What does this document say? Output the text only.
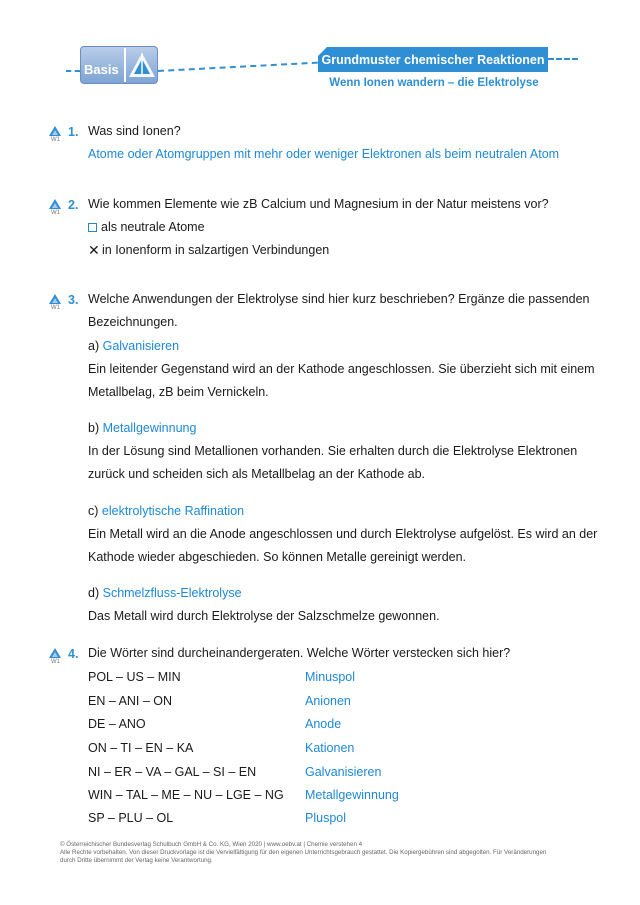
Basis
Grundmuster chemischer Reaktionen
Wenn Ionen wandern – die Elektrolyse
W1
1. Was sind Ionen?

Atome oder Atomgruppen mit mehr oder weniger Elektronen als beim neutralen Atom

W1
2. Wie kommen Elemente wie zB Calcium und Magnesium in der Natur meistens vor?

als neutrale Atome

✕ in Ionenform in salzartigen Verbindungen

W1
3. Welche Anwendungen der Elektrolyse sind hier kurz beschrieben? Ergänze die passenden

Bezeichnungen.

a) Galvanisieren

Ein leitender Gegenstand wird an der Kathode angeschlossen. Sie überzieht sich mit einem

Metallbelag, zB beim Vernickeln.

b) Metallgewinnung

In der Lösung sind Metallionen vorhanden. Sie erhalten durch die Elektrolyse Elektronen

zurück und scheiden sich als Metallbelag an der Kathode ab.

c) elektrolytische Raffination

Ein Metall wird an die Anode angeschlossen und durch Elektrolyse aufgelöst. Es wird an der

Kathode wieder abgeschieden. So können Metalle gereinigt werden.

d) Schmelzfluss-Elektrolyse

Das Metall wird durch Elektrolyse der Salzschmelze gewonnen.

W1
4. Die Wörter sind durcheinandergeraten. Welche Wörter verstecken sich hier?
POL – US – MIN	Minuspol
EN – ANI – ON	Anionen
DE – ANO	Anode
ON – TI – EN – KA	Kationen
NI – ER – VA – GAL – SI – EN	Galvanisieren
WIN – TAL – ME – NU – LGE – NG Metallgewinnung
SP – PLU – OL	Pluspol
© Österreichischer Bundesverlag Schulbuch GmbH & Co. KG, Wien 2020 | www.oebv.at | Chemie verstehen 4
Alle Rechte vorbehalten. Von dieser Druckvorlage ist die Vervielfältigung für den eigenen Unterrichtsgebrauch gestattet. Die Kopiergebühren sind abgegolten. Für Veränderungen
durch Dritte übernimmt der Verlag keine Verantwortung.
